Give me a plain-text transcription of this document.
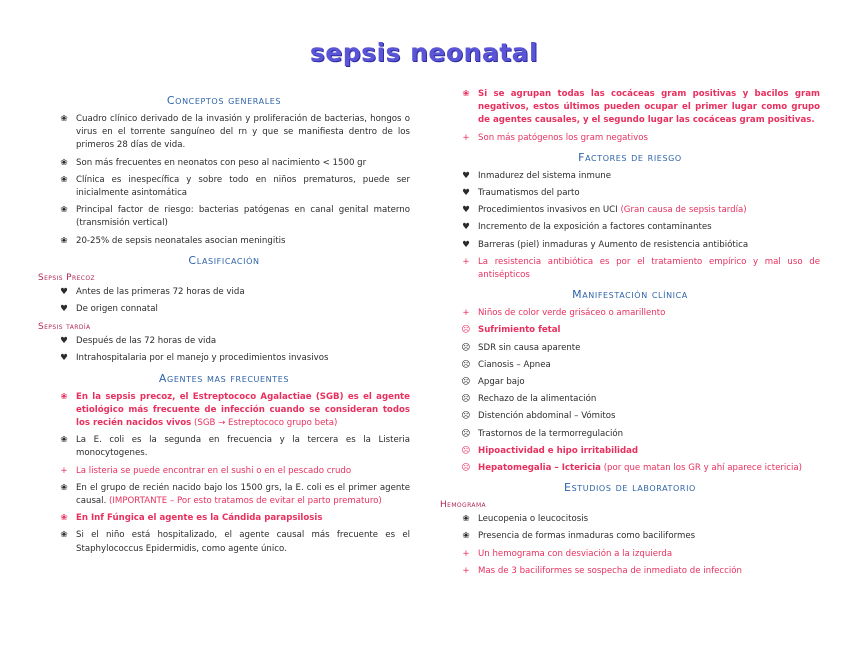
sepsis neonatal
Conceptos generales
❀ Cuadro clínico derivado de la invasión y proliferación de bacterias, hongos o virus en el torrente sanguíneo del rn y que se manifiesta dentro de los primeros 28 días de vida.
❀ Son más frecuentes en neonatos con peso al nacimiento < 1500 gr
❀ Clínica es inespecífica y sobre todo en niños prematuros, puede ser inicialmente asintomática
❀ Principal factor de riesgo: bacterias patógenas en canal genital materno (transmisión vertical)
❀ 20-25% de sepsis neonatales asocian meningitis
Clasificación
Sepsis Precoz
♥ Antes de las primeras 72 horas de vida
♥ De origen connatal
Sepsis tardía
♥ Después de las 72 horas de vida
♥ Intrahospitalaria por el manejo y procedimientos invasivos
Agentes mas frecuentes
❀ En la sepsis precoz, el Estreptococo Agalactiae (SGB) es el agente etiológico más frecuente de infección cuando se consideran todos los recién nacidos vivos (SGB → Estreptococo grupo beta)
❀ La E. coli es la segunda en frecuencia y la tercera es la Listeria monocytogenes.
+ La listeria se puede encontrar en el sushi o en el pescado crudo
❀ En el grupo de recién nacido bajo los 1500 grs, la E. coli es el primer agente causal. (IMPORTANTE – Por esto tratamos de evitar el parto prematuro)
❀ En Inf Fúngica el agente es la Cándida parapsilosis
❀ Si el niño está hospitalizado, el agente causal más frecuente es el Staphylococcus Epidermidis, como agente único.
❀ Si se agrupan todas las cocáceas gram positivas y bacilos gram negativos, estos últimos pueden ocupar el primer lugar como grupo de agentes causales, y el segundo lugar las cocáceas gram positivas.
+ Son más patógenos los gram negativos
Factores de riesgo
♥ Inmadurez del sistema inmune
♥ Traumatismos del parto
♥ Procedimientos invasivos en UCI (Gran causa de sepsis tardía)
♥ Incremento de la exposición a factores contaminantes
♥ Barreras (piel) inmaduras y Aumento de resistencia antibiótica
+ La resistencia antibiótica es por el tratamiento empírico y mal uso de antisépticos
Manifestación clínica
+ Niños de color verde grisáceo o amarillento
☹ Sufrimiento fetal
☹ SDR sin causa aparente
☹ Cianosis – Apnea
☹ Apgar bajo
☹ Rechazo de la alimentación
☹ Distención abdominal – Vómitos
☹ Trastornos de la termorregulación
☹ Hipoactividad e hipo irritabilidad
☹ Hepatomegalia – Ictericia (por que matan los GR y ahí aparece ictericia)
Estudios de laboratorio
Hemograma
❀ Leucopenia o leucocitosis
❀ Presencia de formas inmaduras como baciliformes
+ Un hemograma con desviación a la izquierda
+ Mas de 3 baciliformes se sospecha de inmediato de infección
